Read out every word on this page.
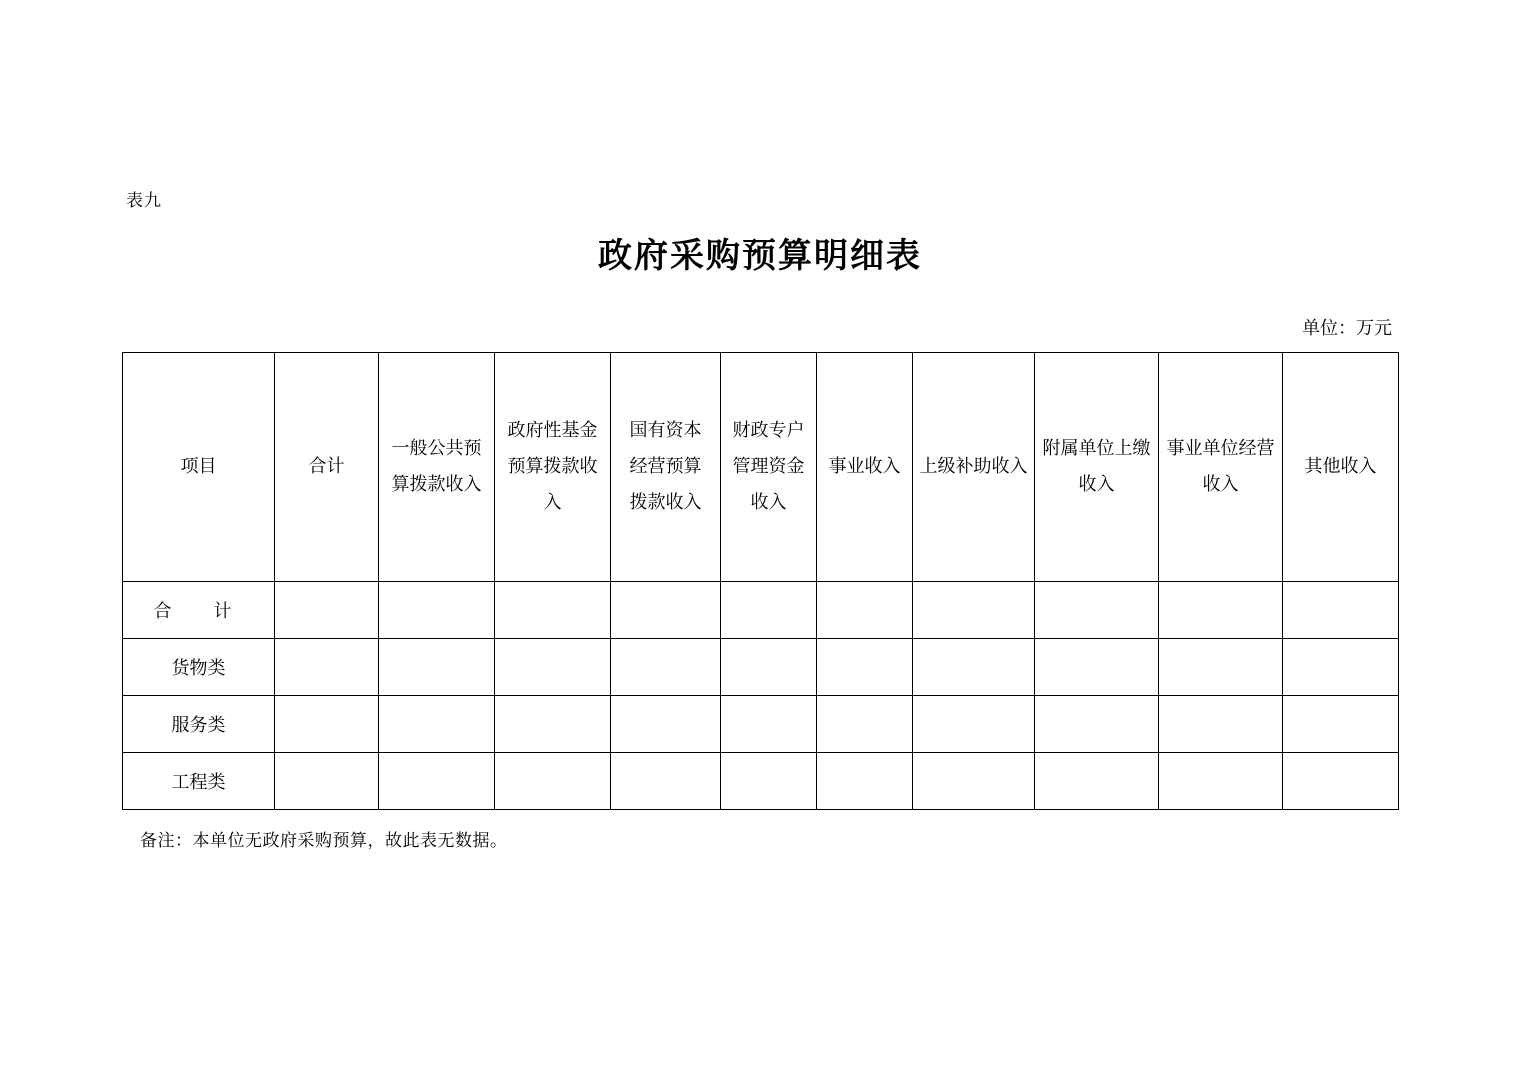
表九
政府采购预算明细表
单位：万元
项目	合计	一般公共预算拨款收入	政府性基金预算拨款收入	国有资本经营预算拨款收入	财政专户管理资金收入	事业收入	上级补助收入	附属单位上缴收入	事业单位经营收入	其他收入
合　计										
货物类										
服务类										
工程类										
备注：本单位无政府采购预算，故此表无数据。
